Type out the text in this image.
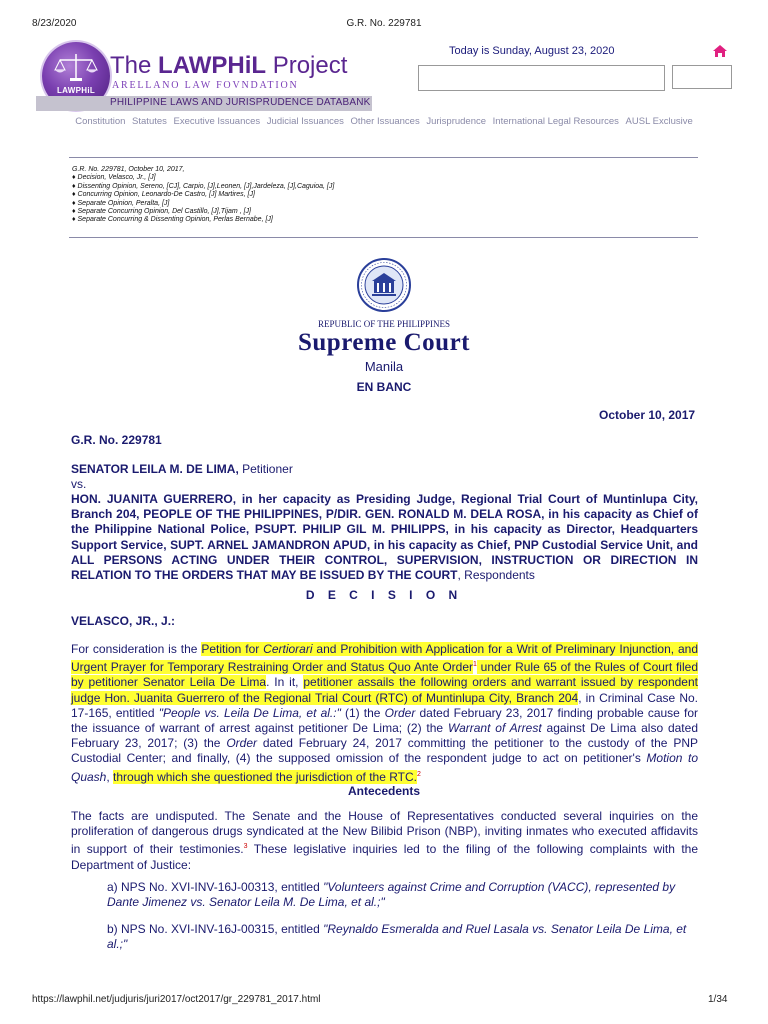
8/23/2020	G.R. No. 229781
LAWPHiL
The LAWPHiL Project
ARELLANO LAW FOVNDATION
PHILIPPINE LAWS AND JURISPRUDENCE DATABANK
Today is Sunday, August 23, 2020
Constitution Statutes Executive Issuances Judicial Issuances Other Issuances Jurisprudence International Legal Resources AUSL Exclusive
G.R. No. 229781, October 10, 2017,
♦ Decision, Velasco, Jr., [J]
♦ Dissenting Opinion, Sereno, [CJ], Carpio, [J],Leonen, [J],Jardeleza, [J],Caguioa, [J]
♦ Concurring Opinion, Leonardo-De Castro, [J] Martires, [J]
♦ Separate Opinion, Peralta, [J]
♦ Separate Concurring Opinion, Del Castillo, [J],Tijam , [J]
♦ Separate Concurring & Dissenting Opinion, Perlas Bernabe, [J]
REPUBLIC OF THE PHILIPPINES
Supreme Court
Manila
EN BANC
October 10, 2017
G.R. No. 229781
SENATOR LEILA M. DE LIMA, Petitioner
vs.
HON. JUANITA GUERRERO, in her capacity as Presiding Judge, Regional Trial Court of Muntinlupa City, Branch 204, PEOPLE OF THE PHILIPPINES, P/DIR. GEN. RONALD M. DELA ROSA, in his capacity as Chief of the Philippine National Police, PSUPT. PHILIP GIL M. PHILIPPS, in his capacity as Director, Headquarters Support Service, SUPT. ARNEL JAMANDRON APUD, in his capacity as Chief, PNP Custodial Service Unit, and ALL PERSONS ACTING UNDER THEIR CONTROL, SUPERVISION, INSTRUCTION OR DIRECTION IN RELATION TO THE ORDERS THAT MAY BE ISSUED BY THE COURT, Respondents
D E C I S I O N
VELASCO, JR., J.:
For consideration is the Petition for Certiorari and Prohibition with Application for a Writ of Preliminary Injunction, and Urgent Prayer for Temporary Restraining Order and Status Quo Ante Order$^1$ under Rule 65 of the Rules of Court filed by petitioner Senator Leila De Lima. In it, petitioner assails the following orders and warrant issued by respondent judge Hon. Juanita Guerrero of the Regional Trial Court (RTC) of Muntinlupa City, Branch 204, in Criminal Case No. 17-165, entitled "People vs. Leila De Lima, et al.:" (1) the Order dated February 23, 2017 finding probable cause for the issuance of warrant of arrest against petitioner De Lima; (2) the Warrant of Arrest against De Lima also dated February 23, 2017; (3) the Order dated February 24, 2017 committing the petitioner to the custody of the PNP Custodial Center; and finally, (4) the supposed omission of the respondent judge to act on petitioner's Motion to Quash, through which she questioned the jurisdiction of the RTC.$^2$
Antecedents
The facts are undisputed. The Senate and the House of Representatives conducted several inquiries on the proliferation of dangerous drugs syndicated at the New Bilibid Prison (NBP), inviting inmates who executed affidavits in support of their testimonies.$^3$ These legislative inquiries led to the filing of the following complaints with the Department of Justice:
a) NPS No. XVI-INV-16J-00313, entitled "Volunteers against Crime and Corruption (VACC), represented by Dante Jimenez vs. Senator Leila M. De Lima, et al.;"
b) NPS No. XVI-INV-16J-00315, entitled "Reynaldo Esmeralda and Ruel Lasala vs. Senator Leila De Lima, et al.;"
https://lawphil.net/judjuris/juri2017/oct2017/gr_229781_2017.html	1/34
